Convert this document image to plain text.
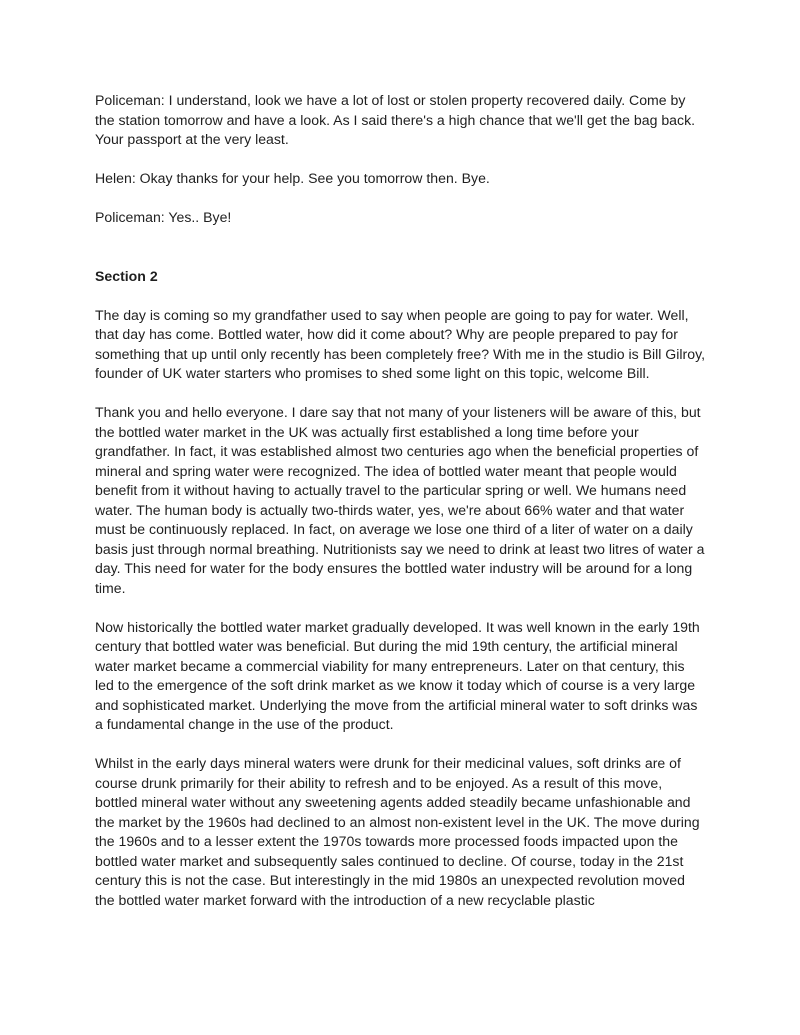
Policeman: I understand, look we have a lot of lost or stolen property recovered daily. Come by the station tomorrow and have a look. As I said there's a high chance that we'll get the bag back. Your passport at the very least.

Helen: Okay thanks for your help. See you tomorrow then. Bye.

Policeman: Yes.. Bye!

Section 2

The day is coming so my grandfather used to say when people are going to pay for water. Well, that day has come. Bottled water, how did it come about? Why are people prepared to pay for something that up until only recently has been completely free? With me in the studio is Bill Gilroy, founder of UK water starters who promises to shed some light on this topic, welcome Bill.

Thank you and hello everyone. I dare say that not many of your listeners will be aware of this, but the bottled water market in the UK was actually first established a long time before your grandfather. In fact, it was established almost two centuries ago when the beneficial properties of mineral and spring water were recognized. The idea of bottled water meant that people would benefit from it without having to actually travel to the particular spring or well. We humans need water. The human body is actually two-thirds water, yes, we're about 66% water and that water must be continuously replaced. In fact, on average we lose one third of a liter of water on a daily basis just through normal breathing. Nutritionists say we need to drink at least two litres of water a day. This need for water for the body ensures the bottled water industry will be around for a long time.

Now historically the bottled water market gradually developed. It was well known in the early 19th century that bottled water was beneficial. But during the mid 19th century, the artificial mineral water market became a commercial viability for many entrepreneurs. Later on that century, this led to the emergence of the soft drink market as we know it today which of course is a very large and sophisticated market. Underlying the move from the artificial mineral water to soft drinks was a fundamental change in the use of the product.

Whilst in the early days mineral waters were drunk for their medicinal values, soft drinks are of course drunk primarily for their ability to refresh and to be enjoyed. As a result of this move, bottled mineral water without any sweetening agents added steadily became unfashionable and the market by the 1960s had declined to an almost non-existent level in the UK. The move during the 1960s and to a lesser extent the 1970s towards more processed foods impacted upon the bottled water market and subsequently sales continued to decline. Of course, today in the 21st century this is not the case. But interestingly in the mid 1980s an unexpected revolution moved the bottled water market forward with the introduction of a new recyclable plastic
